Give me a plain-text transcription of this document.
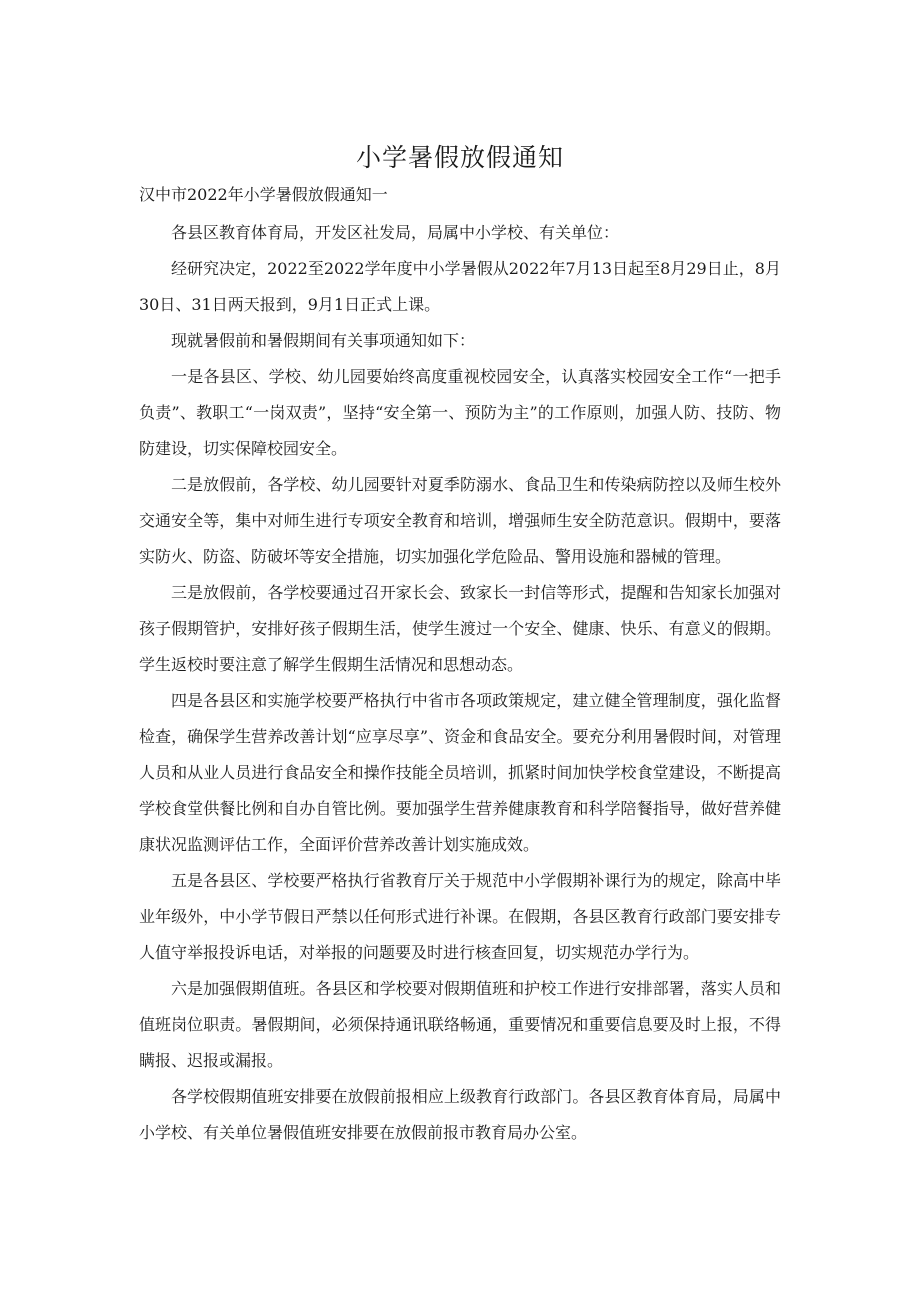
小学暑假放假通知
汉中市2022年小学暑假放假通知一

各县区教育体育局，开发区社发局，局属中小学校、有关单位：

经研究决定，2022至2022学年度中小学暑假从2022年7月13日起至8月29日止，8月30日、31日两天报到，9月1日正式上课。

现就暑假前和暑假期间有关事项通知如下：

一是各县区、学校、幼儿园要始终高度重视校园安全，认真落实校园安全工作“一把手负责”、教职工“一岗双责”，坚持“安全第一、预防为主”的工作原则，加强人防、技防、物防建设，切实保障校园安全。

二是放假前，各学校、幼儿园要针对夏季防溺水、食品卫生和传染病防控以及师生校外交通安全等，集中对师生进行专项安全教育和培训，增强师生安全防范意识。假期中，要落实防火、防盗、防破坏等安全措施，切实加强化学危险品、警用设施和器械的管理。

三是放假前，各学校要通过召开家长会、致家长一封信等形式，提醒和告知家长加强对孩子假期管护，安排好孩子假期生活，使学生渡过一个安全、健康、快乐、有意义的假期。学生返校时要注意了解学生假期生活情况和思想动态。

四是各县区和实施学校要严格执行中省市各项政策规定，建立健全管理制度，强化监督检查，确保学生营养改善计划“应享尽享”、资金和食品安全。要充分利用暑假时间，对管理人员和从业人员进行食品安全和操作技能全员培训，抓紧时间加快学校食堂建设，不断提高学校食堂供餐比例和自办自管比例。要加强学生营养健康教育和科学陪餐指导，做好营养健康状况监测评估工作，全面评价营养改善计划实施成效。

五是各县区、学校要严格执行省教育厅关于规范中小学假期补课行为的规定，除高中毕业年级外，中小学节假日严禁以任何形式进行补课。在假期，各县区教育行政部门要安排专人值守举报投诉电话，对举报的问题要及时进行核查回复，切实规范办学行为。

六是加强假期值班。各县区和学校要对假期值班和护校工作进行安排部署，落实人员和值班岗位职责。暑假期间，必须保持通讯联络畅通，重要情况和重要信息要及时上报，不得瞒报、迟报或漏报。

各学校假期值班安排要在放假前报相应上级教育行政部门。各县区教育体育局，局属中小学校、有关单位暑假值班安排要在放假前报市教育局办公室。
